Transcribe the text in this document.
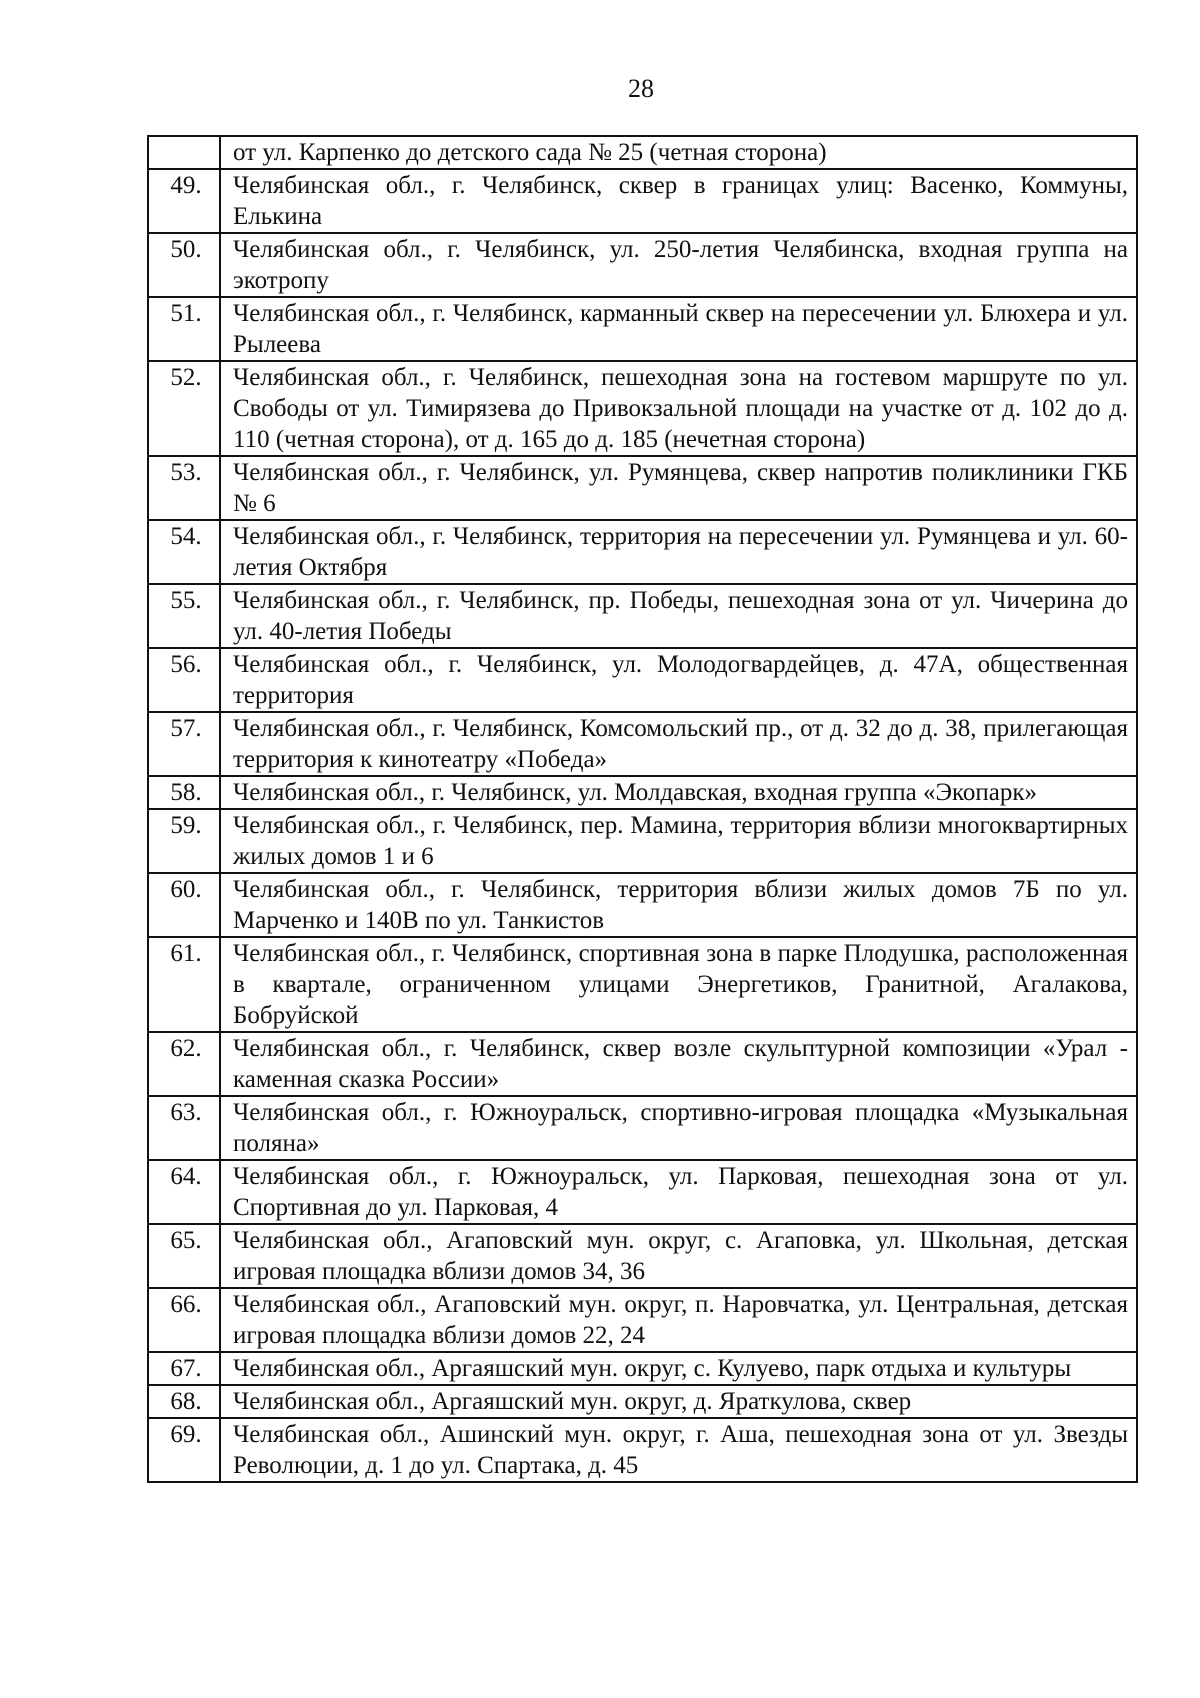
28
	от ул. Карпенко до детского сада № 25 (четная сторона)
49.	Челябинская обл., г. Челябинск, сквер в границах улиц: Васенко, Коммуны, Елькина
50.	Челябинская обл., г. Челябинск, ул. 250-летия Челябинска, входная группа на экотропу
51.	Челябинская обл., г. Челябинск, карманный сквер на пересечении ул. Блюхера и ул. Рылеева
52.	Челябинская обл., г. Челябинск, пешеходная зона на гостевом маршруте по ул. Свободы от ул. Тимирязева до Привокзальной площади на участке от д. 102 до д. 110 (четная сторона), от д. 165 до д. 185 (нечетная сторона)
53.	Челябинская обл., г. Челябинск, ул. Румянцева, сквер напротив поликлиники ГКБ № 6
54.	Челябинская обл., г. Челябинск, территория на пересечении ул. Румянцева и ул. 60-летия Октября
55.	Челябинская обл., г. Челябинск, пр. Победы, пешеходная зона от ул. Чичерина до ул. 40-летия Победы
56.	Челябинская обл., г. Челябинск, ул. Молодогвардейцев, д. 47А, общественная территория
57.	Челябинская обл., г. Челябинск, Комсомольский пр., от д. 32 до д. 38, прилегающая территория к кинотеатру «Победа»
58.	Челябинская обл., г. Челябинск, ул. Молдавская, входная группа «Экопарк»
59.	Челябинская обл., г. Челябинск, пер. Мамина, территория вблизи многоквартирных жилых домов 1 и 6
60.	Челябинская обл., г. Челябинск, территория вблизи жилых домов 7Б по ул. Марченко и 140В по ул. Танкистов
61.	Челябинская обл., г. Челябинск, спортивная зона в парке Плодушка, расположенная в квартале, ограниченном улицами Энергетиков, Гранитной, Агалакова, Бобруйской
62.	Челябинская обл., г. Челябинск, сквер возле скульптурной композиции «Урал - каменная сказка России»
63.	Челябинская обл., г. Южноуральск, спортивно-игровая площадка «Музыкальная поляна»
64.	Челябинская обл., г. Южноуральск, ул. Парковая, пешеходная зона от ул. Спортивная до ул. Парковая, 4
65.	Челябинская обл., Агаповский мун. округ, с. Агаповка, ул. Школьная, детская игровая площадка вблизи домов 34, 36
66.	Челябинская обл., Агаповский мун. округ, п. Наровчатка, ул. Центральная, детская игровая площадка вблизи домов 22, 24
67.	Челябинская обл., Аргаяшский мун. округ, с. Кулуево, парк отдыха и культуры
68.	Челябинская обл., Аргаяшский мун. округ, д. Яраткулова, сквер
69.	Челябинская обл., Ашинский мун. округ, г. Аша, пешеходная зона от ул. Звезды Революции, д. 1 до ул. Спартака, д. 45
